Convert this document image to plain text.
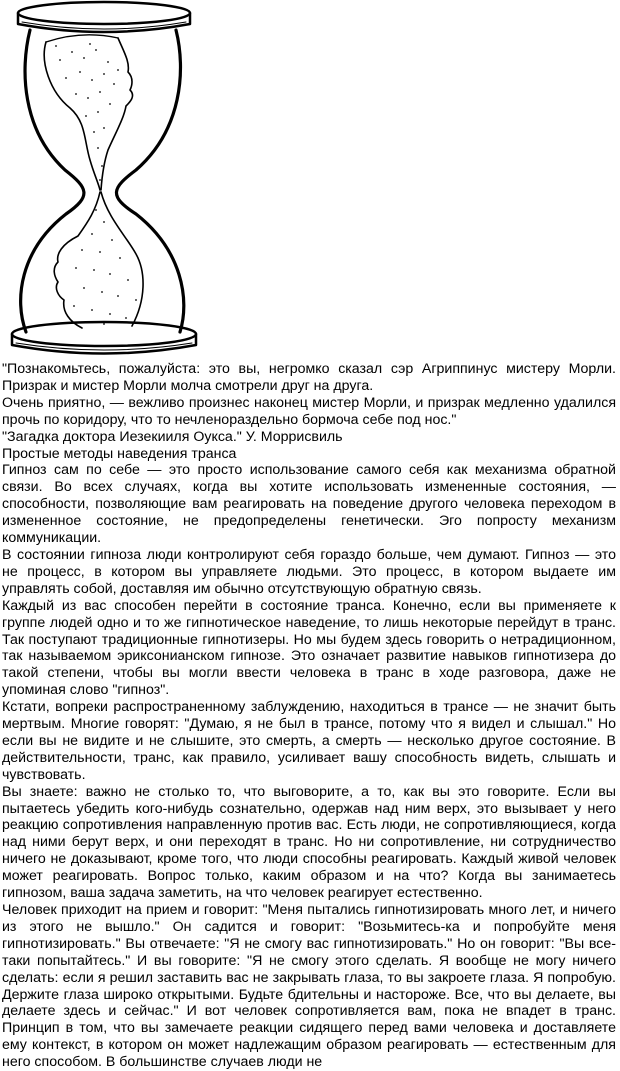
"Познакомьтесь, пожалуйста: это вы, негромко сказал сэр Агриппинус мистеру Морли. Призрак и мистер Морли молча смотрели друг на друга.

Очень приятно, — вежливо произнес наконец мистер Морли, и призрак медленно удалился прочь по коридору, что то нечленораздельно бормоча себе под нос."

"Загадка доктора Иезекииля Оукса." У. Моррисвиль

Простые методы наведения транса

Гипноз сам по себе — это просто использование самого себя как механизма обратной связи. Во всех случаях, когда вы хотите использовать измененные состояния, — способности, позволяющие вам реагировать на поведение другого человека переходом в измененное состояние, не предопределены генетически. Эго попросту механизм коммуникации.

В состоянии гипноза люди контролируют себя гораздо больше, чем думают. Гипноз — это не процесс, в котором вы управляете людьми. Это процесс, в котором выдаете им управлять собой, доставляя им обычно отсутствующую обратную связь.

Каждый из вас способен перейти в состояние транса. Конечно, если вы применяете к группе людей одно и то же гипнотическое наведение, то лишь некоторые перейдут в транс. Так поступают традиционные гипнотизеры. Но мы будем здесь говорить о нетрадиционном, так называемом эриксонианском гипнозе. Это означает развитие навыков гипнотизера до такой степени, чтобы вы могли ввести человека в транс в ходе разговора, даже не упоминая слово "гипноз".

Кстати, вопреки распространенному заблуждению, находиться в трансе — не значит быть мертвым. Многие говорят: "Думаю, я не был в трансе, потому что я видел и слышал." Но если вы не видите и не слышите, это смерть, а смерть — несколько другое состояние. В действительности, транс, как правило, усиливает вашу способность видеть, слышать и чувствовать.

Вы знаете: важно не столько то, что выговорите, а то, как вы это говорите. Если вы пытаетесь убедить кого-нибудь сознательно, одержав над ним верх, это вызывает у него реакцию сопротивления направленную против вас. Есть люди, не сопротивляющиеся, когда над ними берут верх, и они переходят в транс. Но ни сопротивление, ни сотрудничество ничего не доказывают, кроме того, что люди способны реагировать. Каждый живой человек может реагировать. Вопрос только, каким образом и на что? Когда вы занимаетесь гипнозом, ваша задача заметить, на что человек реагирует естественно.

Человек приходит на прием и говорит: "Меня пытались гипнотизировать много лет, и ничего из этого не вышло." Он садится и говорит: "Возьмитесь-ка и попробуйте меня гипнотизировать." Вы отвечаете: "Я не смогу вас гипнотизировать." Но он говорит: "Вы все-таки попытайтесь." И вы говорите: "Я не смогу этого сделать. Я вообще не могу ничего сделать: если я решил заставить вас не закрывать глаза, то вы закроете глаза. Я попробую. Держите глаза широко открытыми. Будьте бдительны и настороже. Все, что вы делаете, вы делаете здесь и сейчас." И вот человек сопротивляется вам, пока не впадет в транс. Принцип в том, что вы замечаете реакции сидящего перед вами человека и доставляете ему контекст, в котором он может надлежащим образом реагировать — естественным для него способом. В большинстве случаев люди не
